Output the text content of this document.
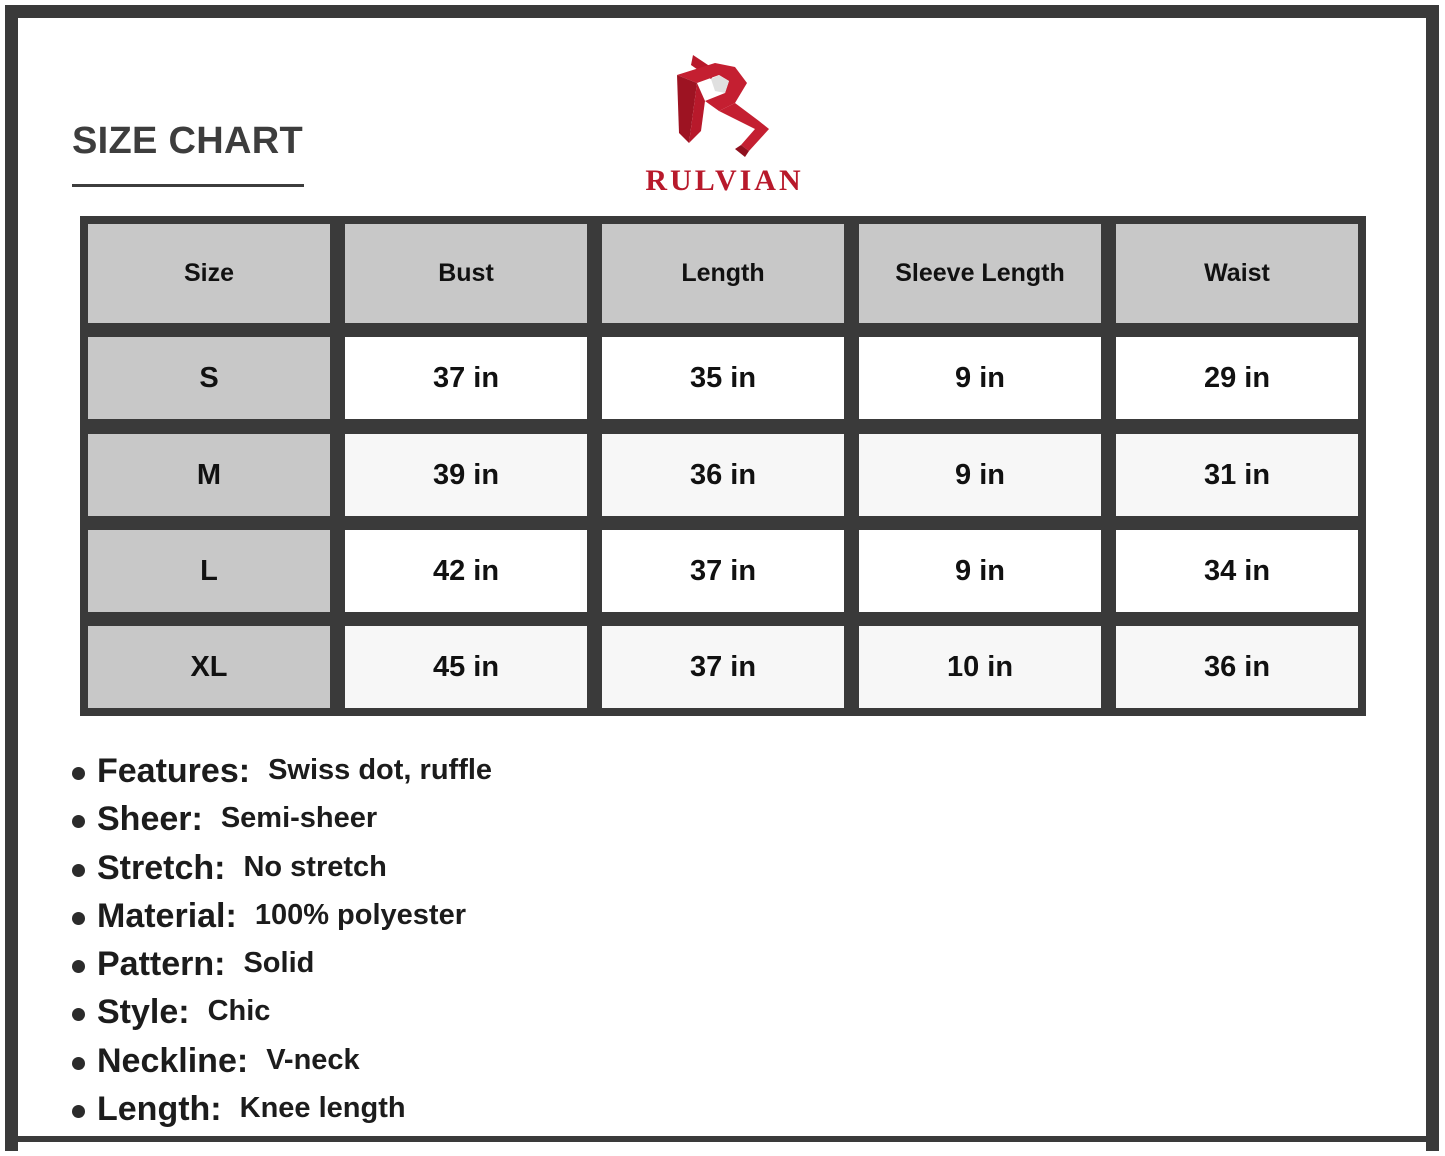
SIZE CHART
RULVIAN
Size	Bust	Length	Sleeve Length	Waist
S	37 in	35 in	9 in	29 in
M	39 in	36 in	9 in	31 in
L	42 in	37 in	9 in	34 in
XL	45 in	37 in	10 in	36 in
Features: Swiss dot, ruffle
Sheer: Semi-sheer
Stretch: No stretch
Material: 100% polyester
Pattern: Solid
Style: Chic
Neckline: V-neck
Length: Knee length
